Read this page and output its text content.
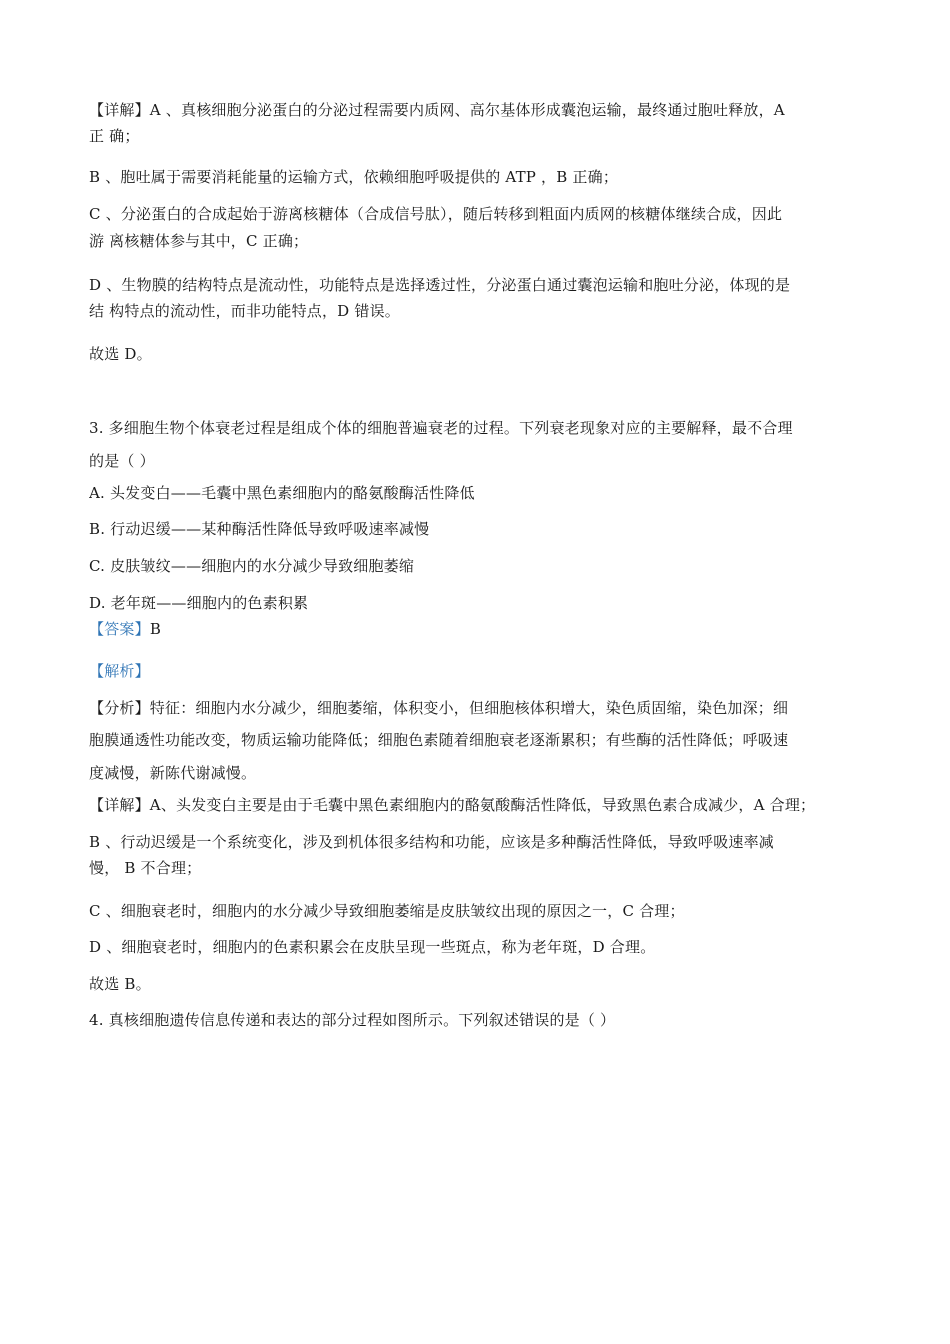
【详解】A 、真核细胞分泌蛋白的分泌过程需要内质网、高尔基体形成囊泡运输，最终通过胞吐释放，A
正 确；
B 、胞吐属于需要消耗能量的运输方式，依赖细胞呼吸提供的 ATP ，B 正确；
C 、分泌蛋白的合成起始于游离核糖体（合成信号肽），随后转移到粗面内质网的核糖体继续合成，因此
游 离核糖体参与其中，C 正确；
D 、生物膜的结构特点是流动性，功能特点是选择透过性，分泌蛋白通过囊泡运输和胞吐分泌，体现的是
结 构特点的流动性，而非功能特点，D 错误。
故选 D。
3. 多细胞生物个体衰老过程是组成个体的细胞普遍衰老的过程。下列衰老现象对应的主要解释，最不合理
的是（ ）
A. 头发变白——毛囊中黑色素细胞内的酪氨酸酶活性降低
B. 行动迟缓——某种酶活性降低导致呼吸速率减慢
C. 皮肤皱纹——细胞内的水分减少导致细胞萎缩
D. 老年斑——细胞内的色素积累
【答案】B
【解析】
【分析】特征：细胞内水分减少，细胞萎缩，体积变小，但细胞核体积增大，染色质固缩，染色加深；细
胞膜通透性功能改变，物质运输功能降低；细胞色素随着细胞衰老逐渐累积；有些酶的活性降低；呼吸速
度减慢，新陈代谢减慢。
【详解】A、头发变白主要是由于毛囊中黑色素细胞内的酪氨酸酶活性降低，导致黑色素合成减少，A 合理；
B 、行动迟缓是一个系统变化，涉及到机体很多结构和功能，应该是多种酶活性降低，导致呼吸速率减
慢， B 不合理；
C 、细胞衰老时，细胞内的水分减少导致细胞萎缩是皮肤皱纹出现的原因之一，C 合理；
D 、细胞衰老时，细胞内的色素积累会在皮肤呈现一些斑点，称为老年斑，D 合理。
故选 B。
4. 真核细胞遗传信息传递和表达的部分过程如图所示。下列叙述错误的是（ ）
